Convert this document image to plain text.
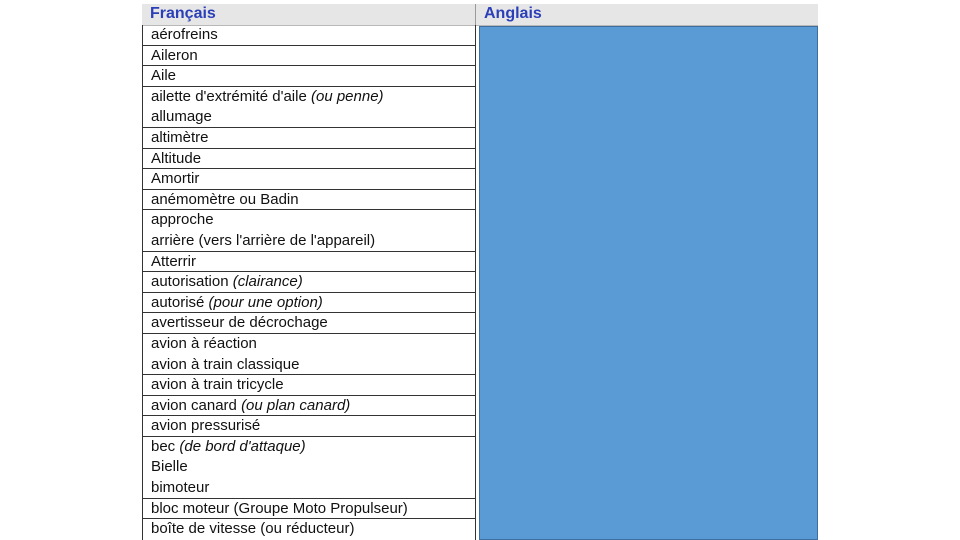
Français	Anglais
aérofreins
Aileron
Aile
ailette d'extrémité d'aile (ou penne)
allumage
altimètre
Altitude
Amortir
anémomètre ou Badin
approche
arrière (vers l'arrière de l'appareil)
Atterrir
autorisation (clairance)
autorisé (pour une option)
avertisseur de décrochage
avion à réaction
avion à train classique
avion à train tricycle
avion canard (ou plan canard)
avion pressurisé
bec (de bord d'attaque)
Bielle
bimoteur
bloc moteur (Groupe Moto Propulseur)
boîte de vitesse (ou réducteur)
